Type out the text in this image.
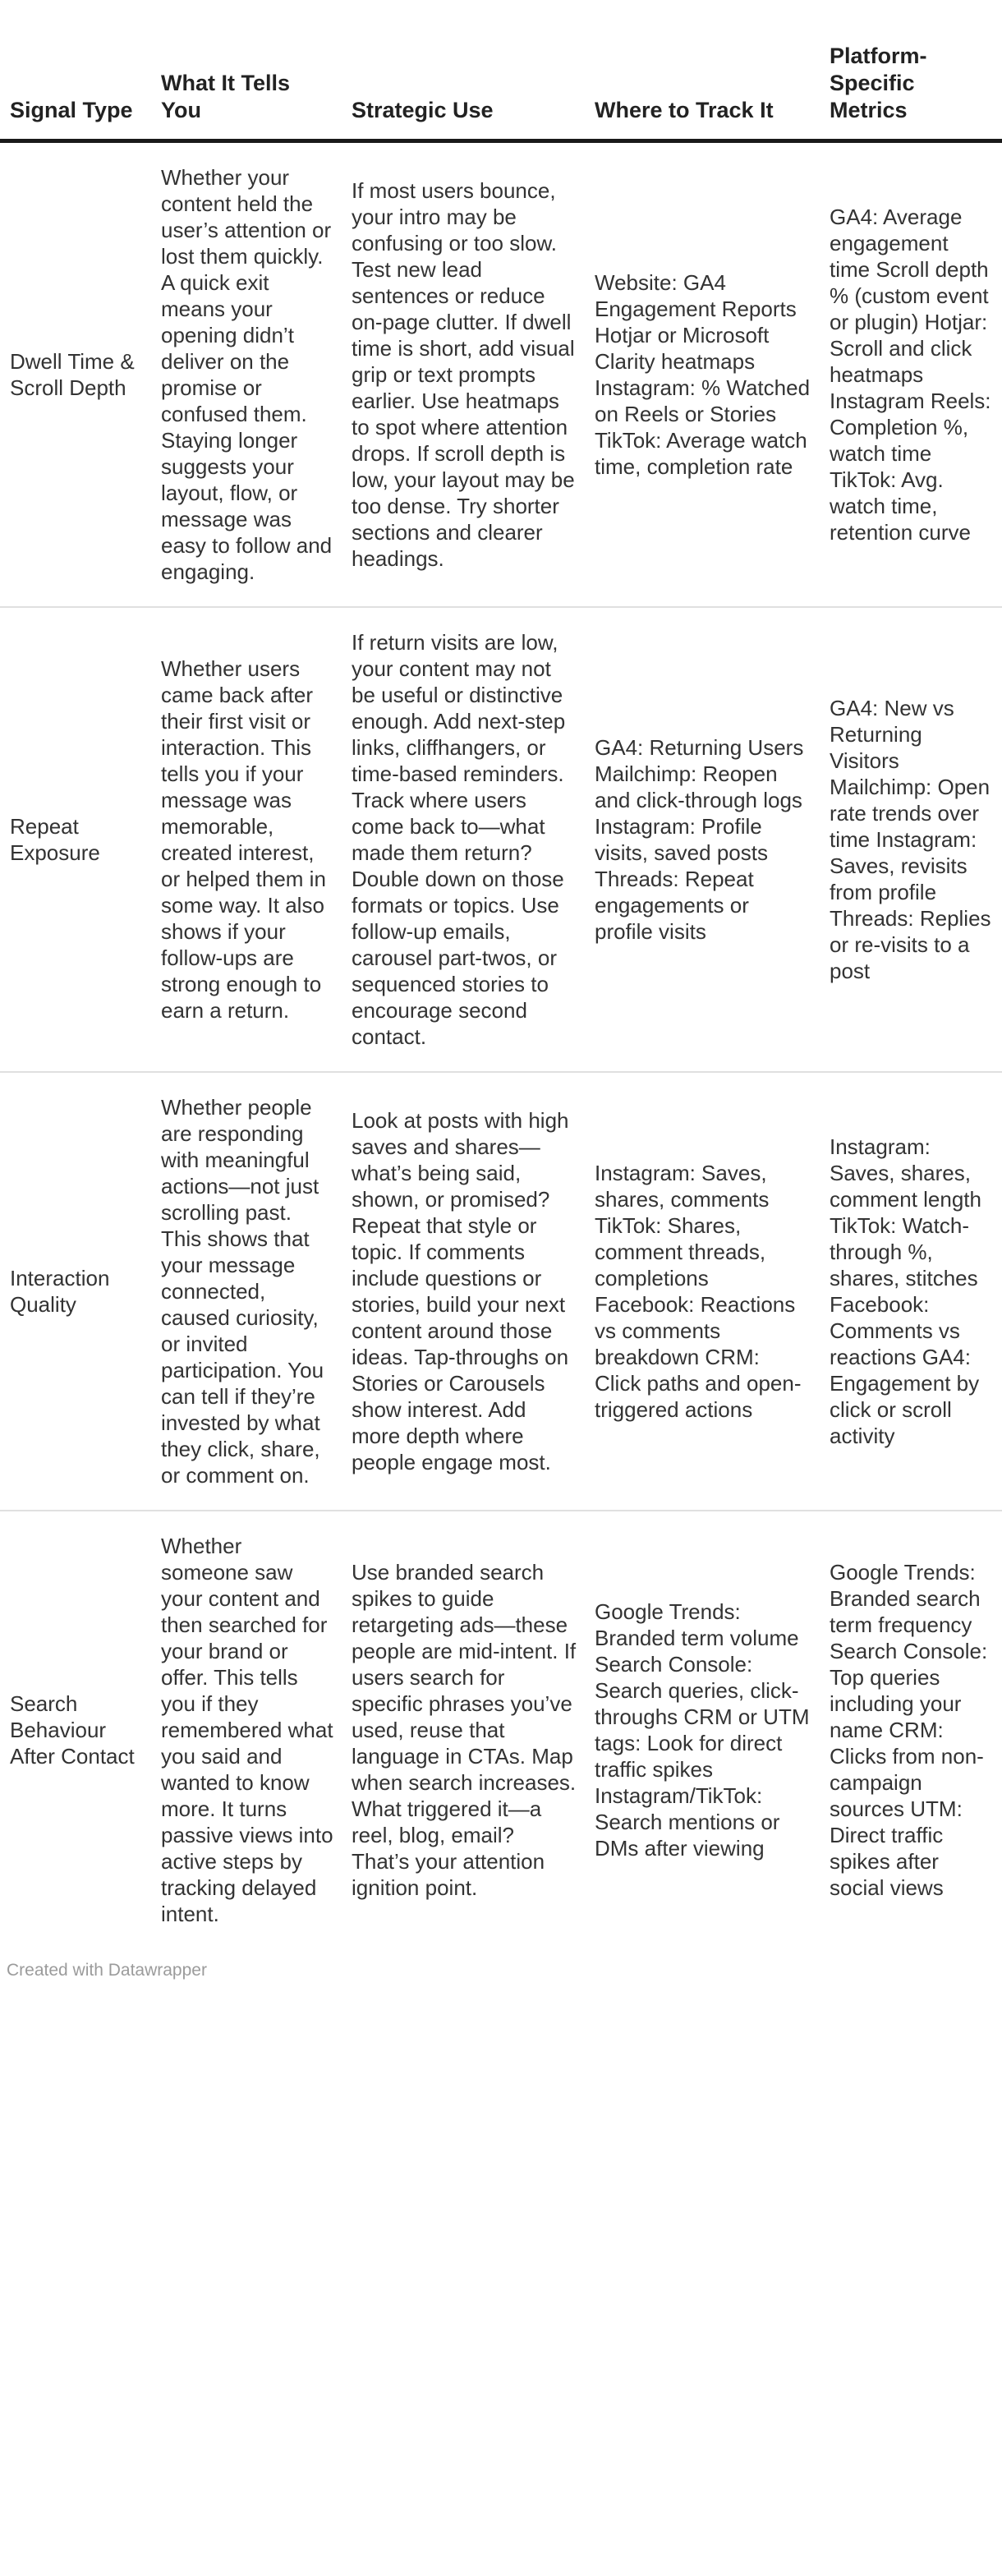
Signal Type	What It Tells You	Strategic Use	Where to Track It	Platform-Specific Metrics
Dwell Time & Scroll Depth	Whether your content held the user’s attention or lost them quickly. A quick exit means your opening didn’t deliver on the promise or confused them. Staying longer suggests your layout, flow, or message was easy to follow and engaging.	If most users bounce, your intro may be confusing or too slow. Test new lead sentences or reduce on-page clutter. If dwell time is short, add visual grip or text prompts earlier. Use heatmaps to spot where attention drops. If scroll depth is low, your layout may be too dense. Try shorter sections and clearer headings.	Website: GA4 Engagement Reports Hotjar or Microsoft Clarity heatmaps Instagram: % Watched on Reels or Stories TikTok: Average watch time, completion rate	GA4: Average engagement time Scroll depth % (custom event or plugin) Hotjar: Scroll and click heatmaps Instagram Reels: Completion %, watch time TikTok: Avg. watch time, retention curve
Repeat Exposure	Whether users came back after their first visit or interaction. This tells you if your message was memorable, created interest, or helped them in some way. It also shows if your follow-ups are strong enough to earn a return.	If return visits are low, your content may not be useful or distinctive enough. Add next-step links, cliffhangers, or time-based reminders. Track where users come back to—what made them return? Double down on those formats or topics. Use follow-up emails, carousel part-twos, or sequenced stories to encourage second contact.	GA4: Returning Users Mailchimp: Reopen and click-through logs Instagram: Profile visits, saved posts Threads: Repeat engagements or profile visits	GA4: New vs Returning Visitors Mailchimp: Open rate trends over time Instagram: Saves, revisits from profile Threads: Replies or re-visits to a post
Interaction Quality	Whether people are responding with meaningful actions—not just scrolling past. This shows that your message connected, caused curiosity, or invited participation. You can tell if they’re invested by what they click, share, or comment on.	Look at posts with high saves and shares—what’s being said, shown, or promised? Repeat that style or topic. If comments include questions or stories, build your next content around those ideas. Tap-throughs on Stories or Carousels show interest. Add more depth where people engage most.	Instagram: Saves, shares, comments TikTok: Shares, comment threads, completions Facebook: Reactions vs comments breakdown CRM: Click paths and open-triggered actions	Instagram: Saves, shares, comment length TikTok: Watch-through %, shares, stitches Facebook: Comments vs reactions GA4: Engagement by click or scroll activity
Search Behaviour After Contact	Whether someone saw your content and then searched for your brand or offer. This tells you if they remembered what you said and wanted to know more. It turns passive views into active steps by tracking delayed intent.	Use branded search spikes to guide retargeting ads—these people are mid-intent. If users search for specific phrases you’ve used, reuse that language in CTAs. Map when search increases. What triggered it—a reel, blog, email? That’s your attention ignition point.	Google Trends: Branded term volume Search Console: Search queries, click-throughs CRM or UTM tags: Look for direct traffic spikes Instagram/TikTok: Search mentions or DMs after viewing	Google Trends: Branded search term frequency Search Console: Top queries including your name CRM: Clicks from non-campaign sources UTM: Direct traffic spikes after social views
Created with Datawrapper
